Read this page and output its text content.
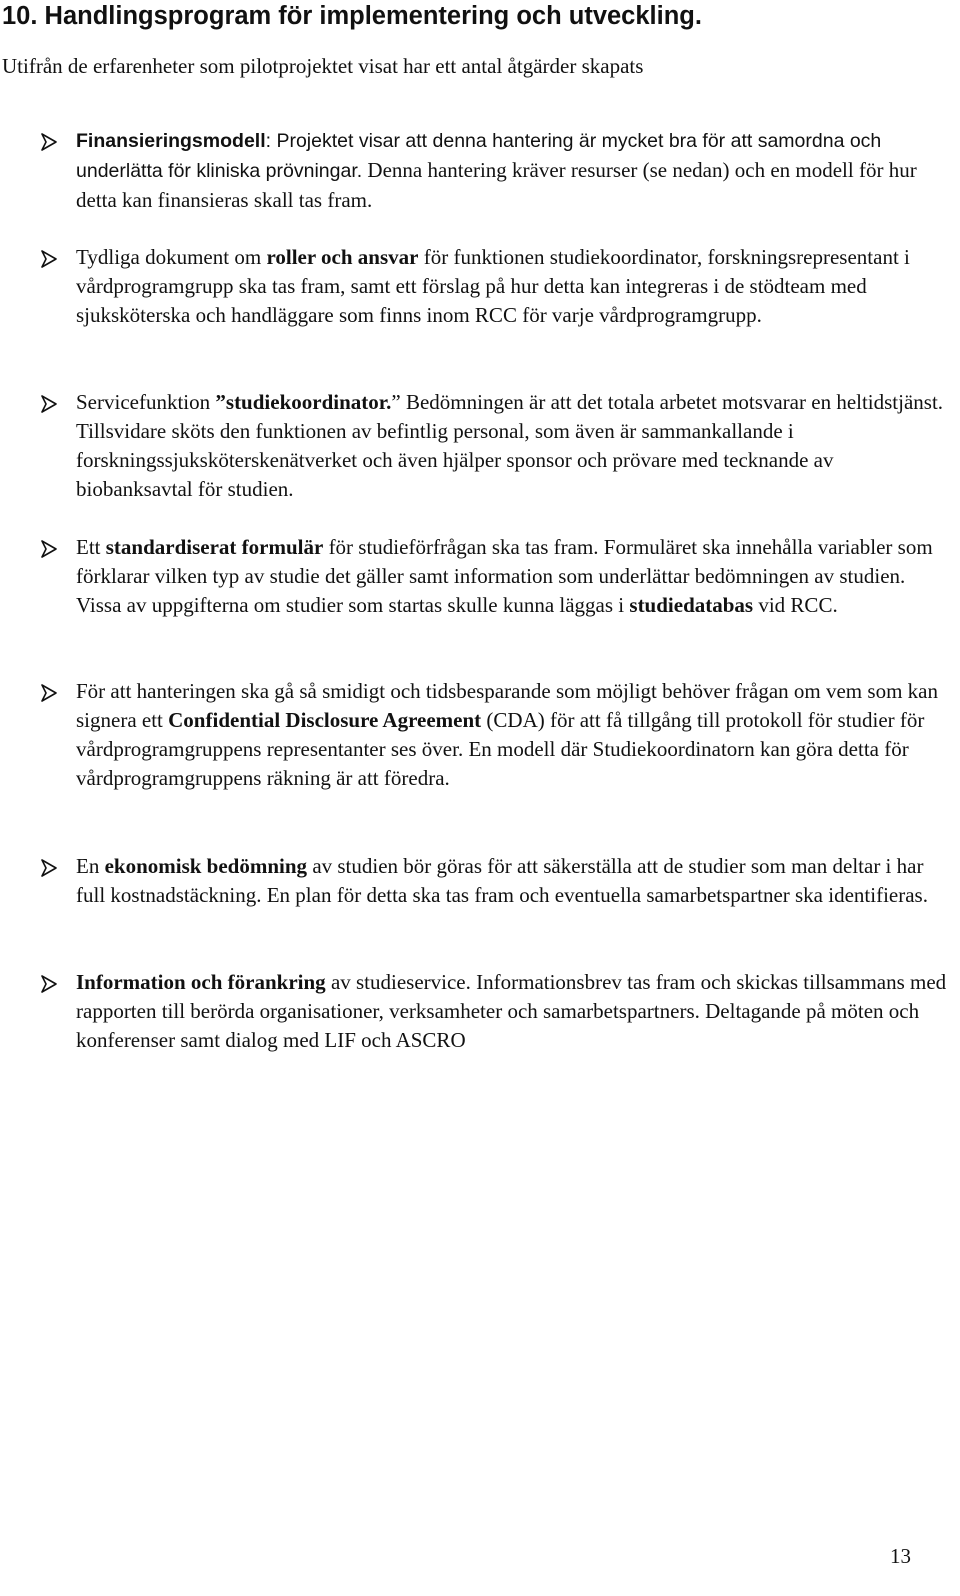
10. Handlingsprogram för implementering och utveckling.

Utifrån de erfarenheter som pilotprojektet visat har ett antal åtgärder skapats

Finansieringsmodell: Projektet visar att denna hantering är mycket bra för att samordna och underlätta för kliniska prövningar. Denna hantering kräver resurser (se nedan) och en modell för hur detta kan finansieras skall tas fram.
Tydliga dokument om roller och ansvar för funktionen studiekoordinator, forskningsrepresentant i vårdprogramgrupp ska tas fram, samt ett förslag på hur detta kan integreras i de stödteam med sjuksköterska och handläggare som finns inom RCC för varje vårdprogramgrupp.
Servicefunktion ”studiekoordinator.” Bedömningen är att det totala arbetet motsvarar en heltidstjänst. Tillsvidare sköts den funktionen av befintlig personal, som även är sammankallande i forskningssjuksköterskenätverket och även hjälper sponsor och prövare med tecknande av biobanksavtal för studien.
Ett standardiserat formulär för studieförfrågan ska tas fram. Formuläret ska innehålla variabler som förklarar vilken typ av studie det gäller samt information som underlättar bedömningen av studien. Vissa av uppgifterna om studier som startas skulle kunna läggas i studiedatabas vid RCC.
För att hanteringen ska gå så smidigt och tidsbesparande som möjligt behöver frågan om vem som kan signera ett Confidential Disclosure Agreement (CDA) för att få tillgång till protokoll för studier för vårdprogramgruppens representanter ses över. En modell där Studiekoordinatorn kan göra detta för vårdprogramgruppens räkning är att föredra.
En ekonomisk bedömning av studien bör göras för att säkerställa att de studier som man deltar i har full kostnadstäckning. En plan för detta ska tas fram och eventuella samarbetspartner ska identifieras.
Information och förankring av studieservice. Informationsbrev tas fram och skickas tillsammans med rapporten till berörda organisationer, verksamheter och samarbetspartners. Deltagande på möten och konferenser samt dialog med LIF och ASCRO
13
